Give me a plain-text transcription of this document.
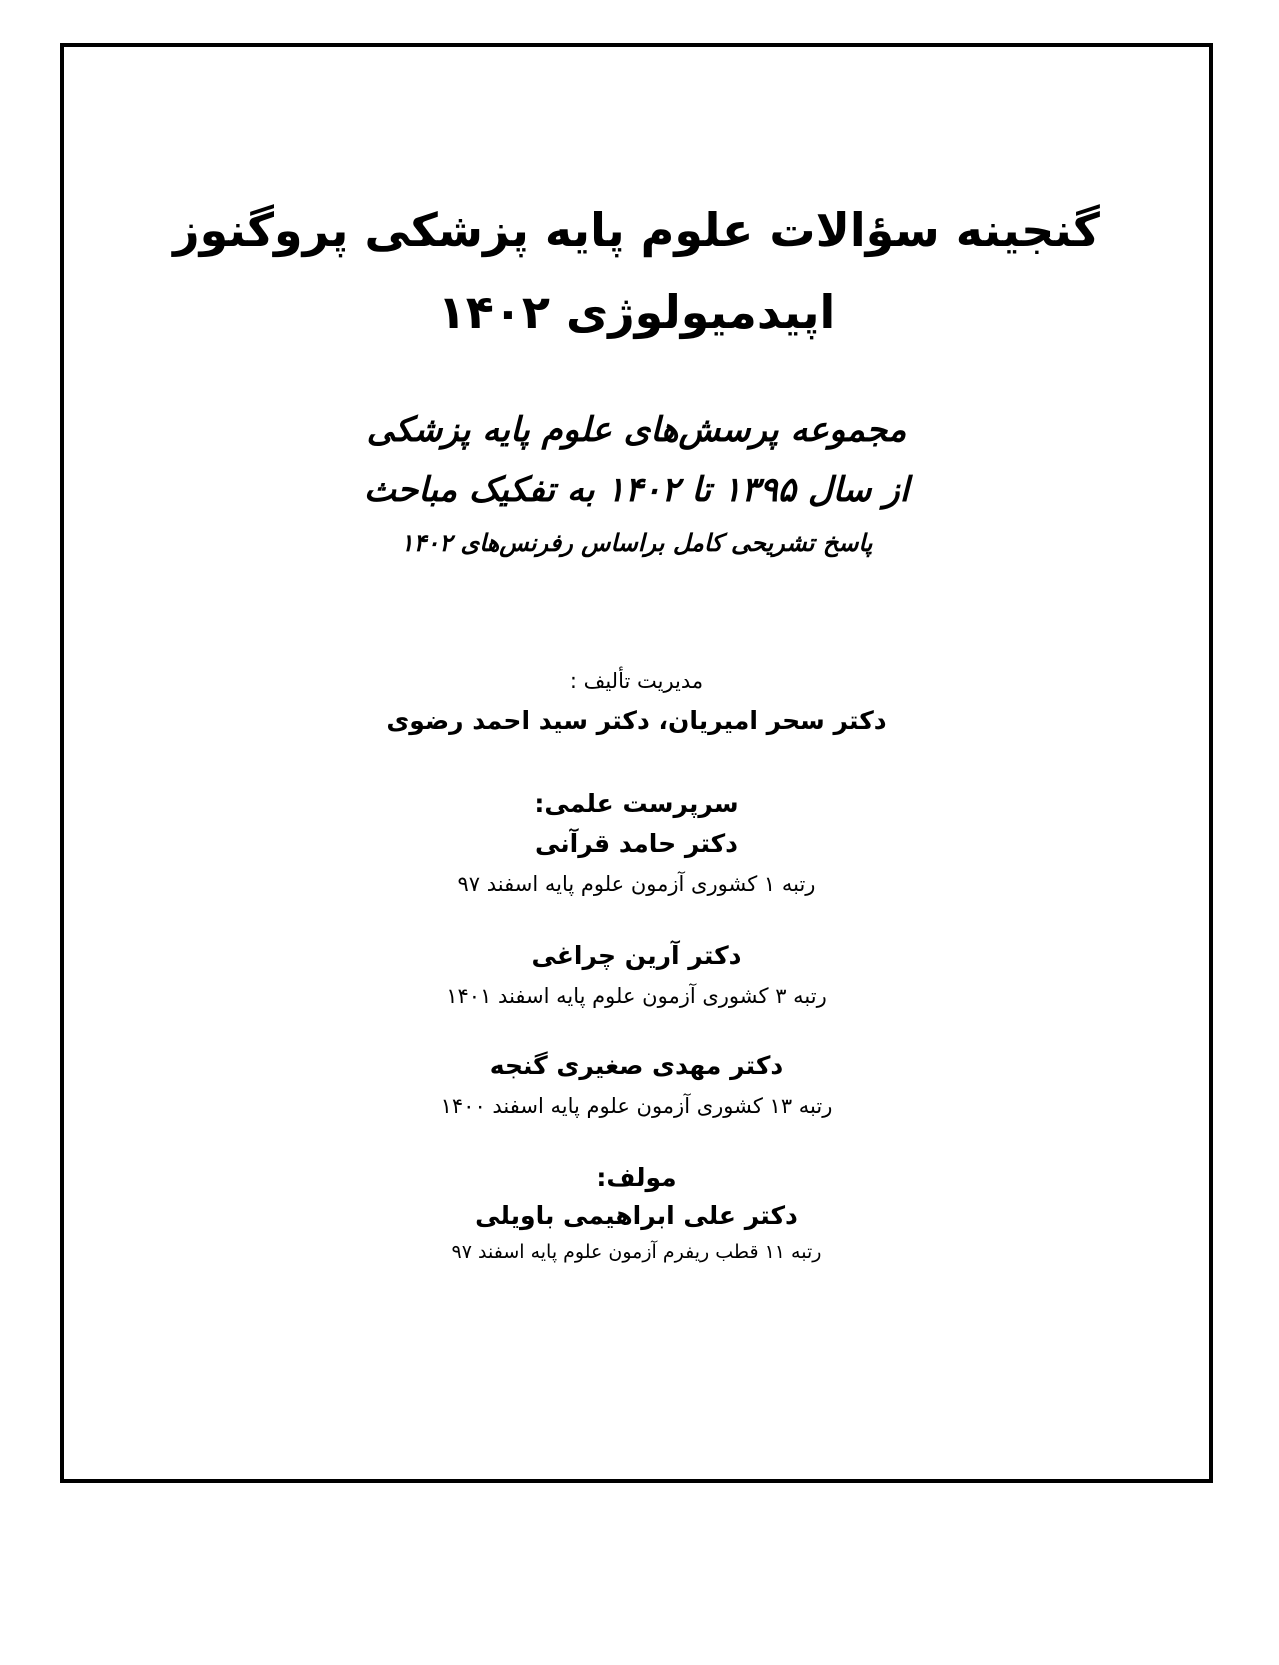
گنجینه سؤالات علوم پایه پزشکی پروگنوز
اپیدمیولوژی ۱۴۰۲
مجموعه پرسش‌های علوم پایه پزشکی
از سال ۱۳۹۵ تا ۱۴۰۲ به تفکیک مباحث
پاسخ تشریحی کامل براساس رفرنس‌های ۱۴۰۲
مدیریت تألیف :
دکتر سحر امیریان، دکتر سید احمد رضوی
سرپرست علمی:
دکتر حامد قرآنی
رتبه ۱ کشوری آزمون علوم پایه اسفند ۹۷
دکتر آرین چراغی
رتبه ۳ کشوری آزمون علوم پایه اسفند ۱۴۰۱
دکتر مهدی صغیری گنجه
رتبه ۱۳ کشوری آزمون علوم پایه اسفند ۱۴۰۰
مولف:
دکتر علی ابراهیمی باویلی
رتبه ۱۱ قطب ریفرم آزمون علوم پایه اسفند ۹۷
